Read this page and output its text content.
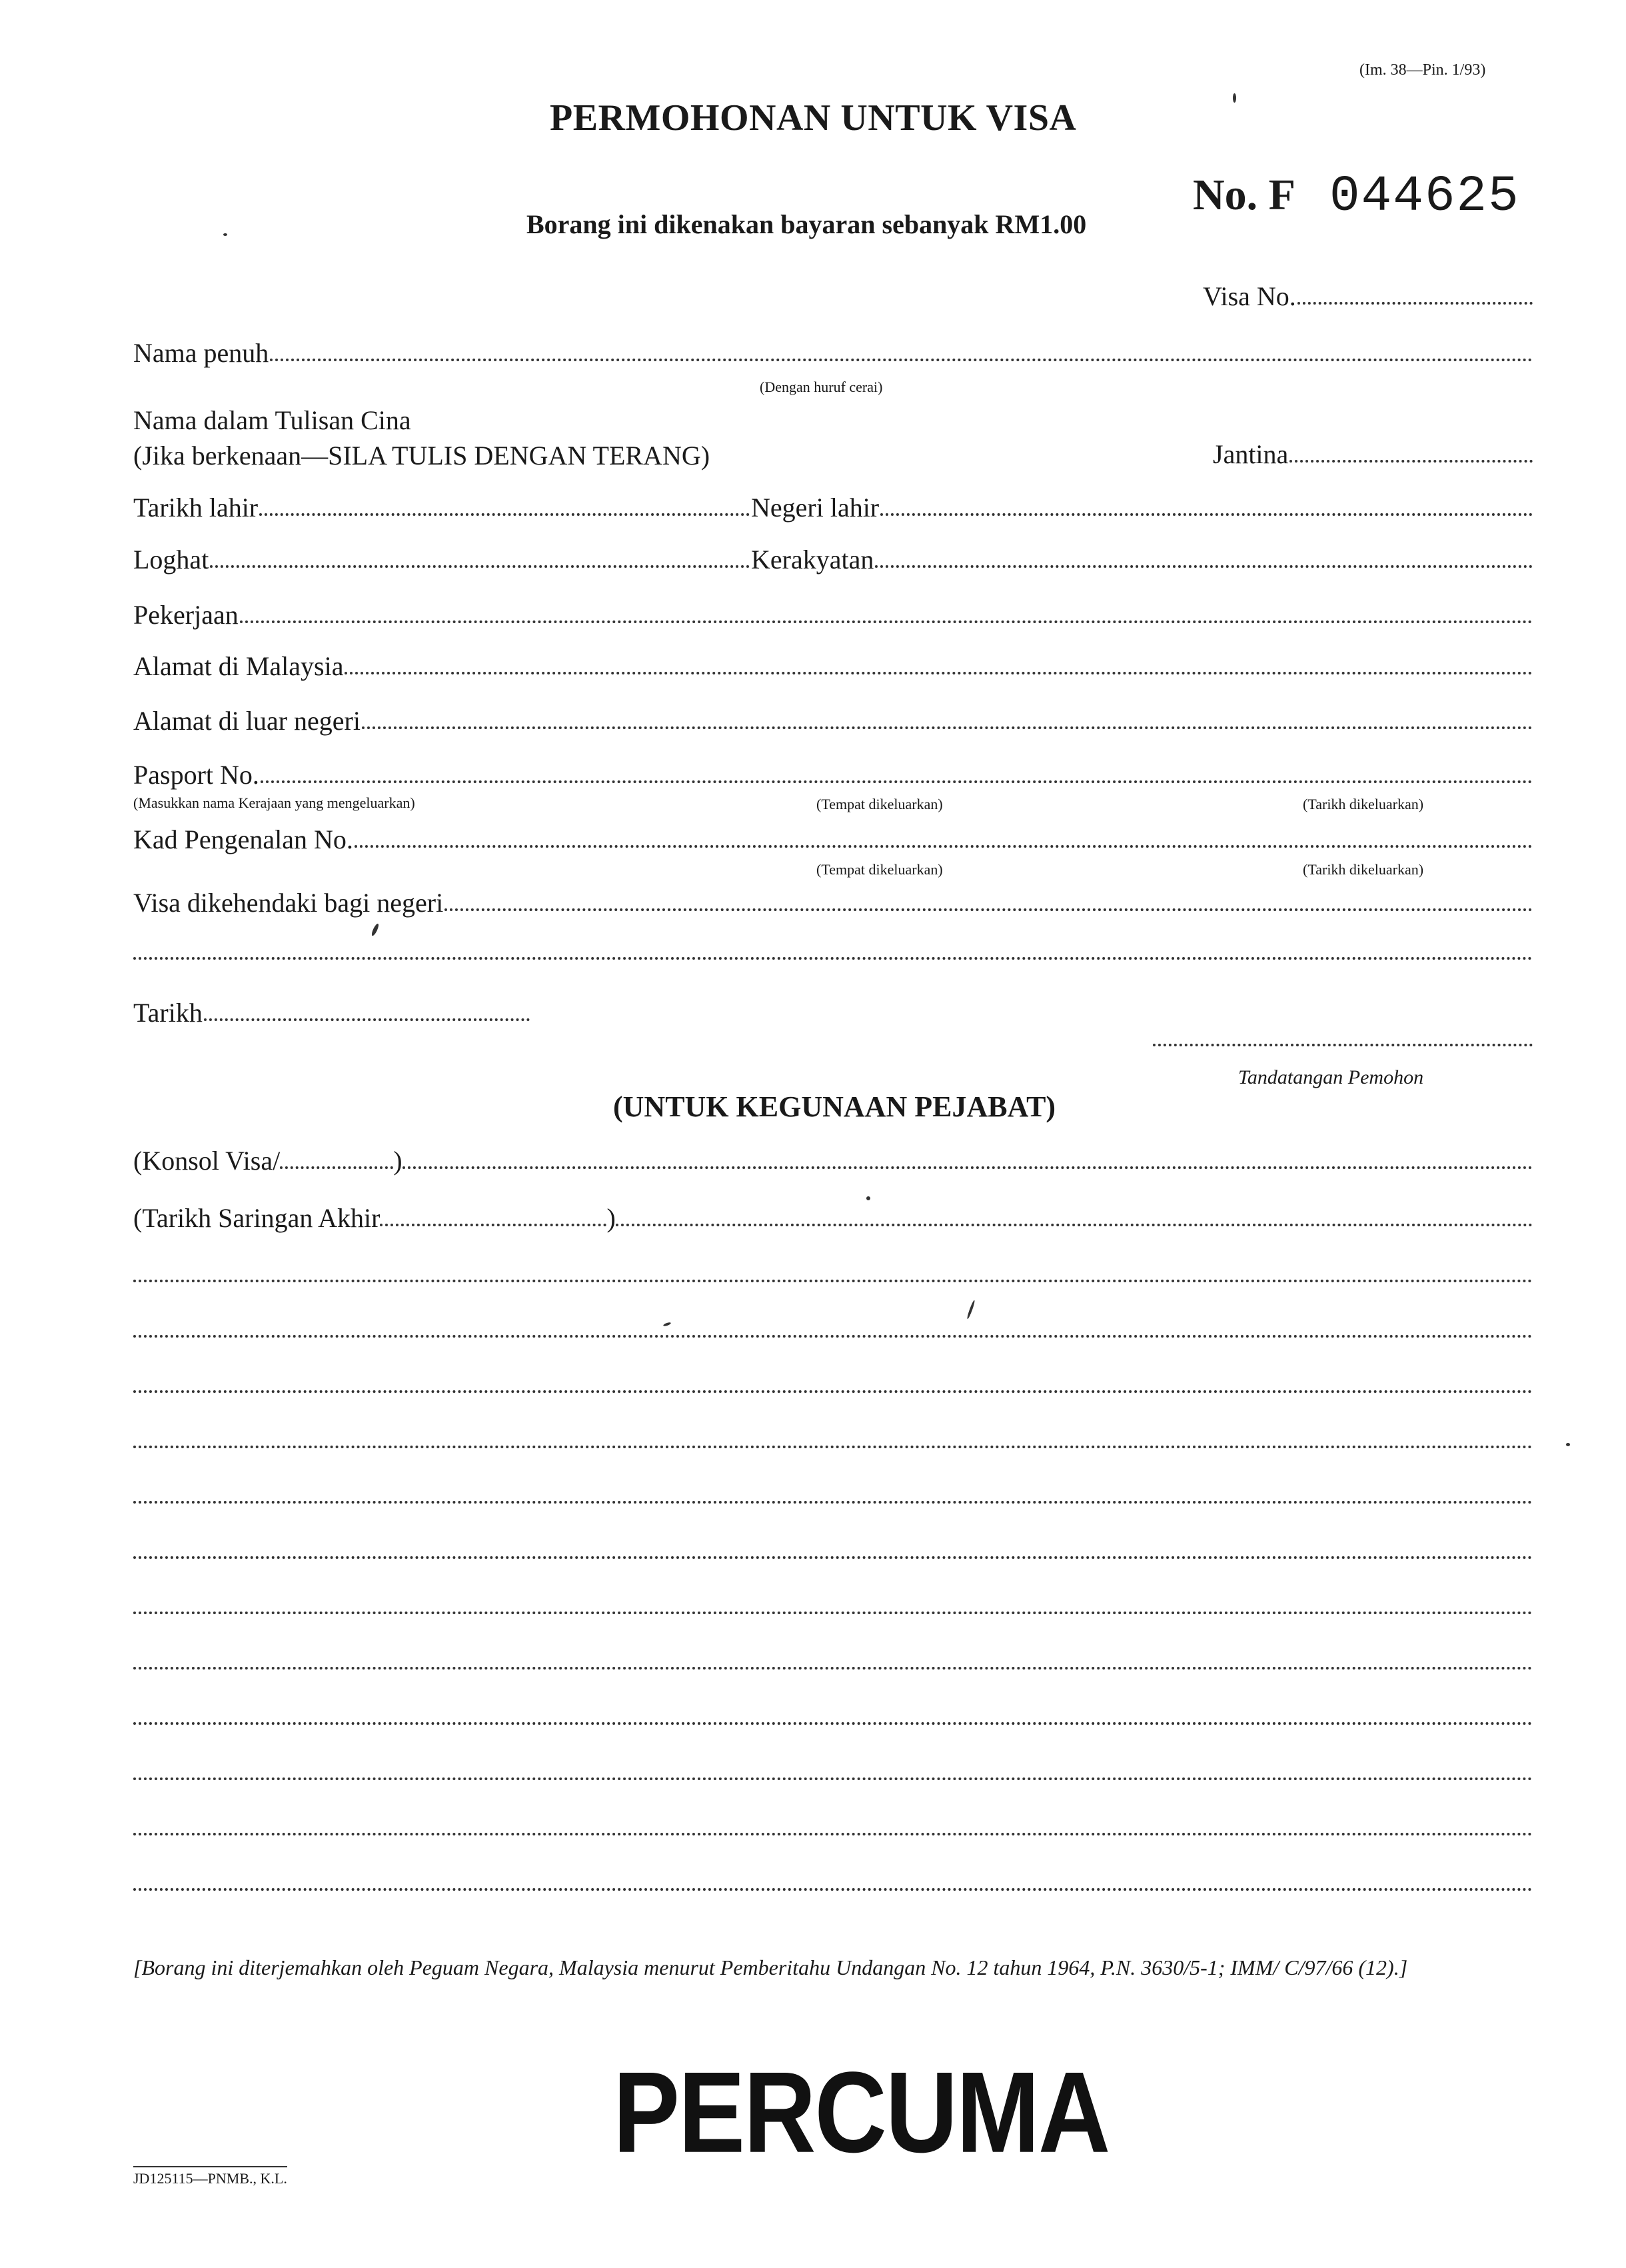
(Im. 38—Pin. 1/93)
PERMOHONAN UNTUK VISA
Borang ini dikenakan bayaran sebanyak RM1.00
No. F 044625
Visa No.
Nama penuh
(Dengan huruf cerai)
Nama dalam Tulisan Cina
(Jika berkenaan—SILA TULIS DENGAN TERANG)	Jantina
Tarikh lahir	Negeri lahir
Loghat	Kerakyatan
Pekerjaan
Alamat di Malaysia
Alamat di luar negeri
Pasport No.
(Masukkan nama Kerajaan yang mengeluarkan)	(Tempat dikeluarkan)	(Tarikh dikeluarkan)
Kad Pengenalan No.
(Tempat dikeluarkan)	(Tarikh dikeluarkan)
Visa dikehendaki bagi negeri
Tarikh
Tandatangan Pemohon
(UNTUK KEGUNAAN PEJABAT)
(Konsol Visa/	)
(Tarikh Saringan Akhir	)
[Borang ini diterjemahkan oleh Peguam Negara, Malaysia menurut Pemberitahu Undangan No. 12 tahun 1964, P.N. 3630/5-1; IMM/ C/97/66 (12).]
PERCUMA
JD125115—PNMB., K.L.
